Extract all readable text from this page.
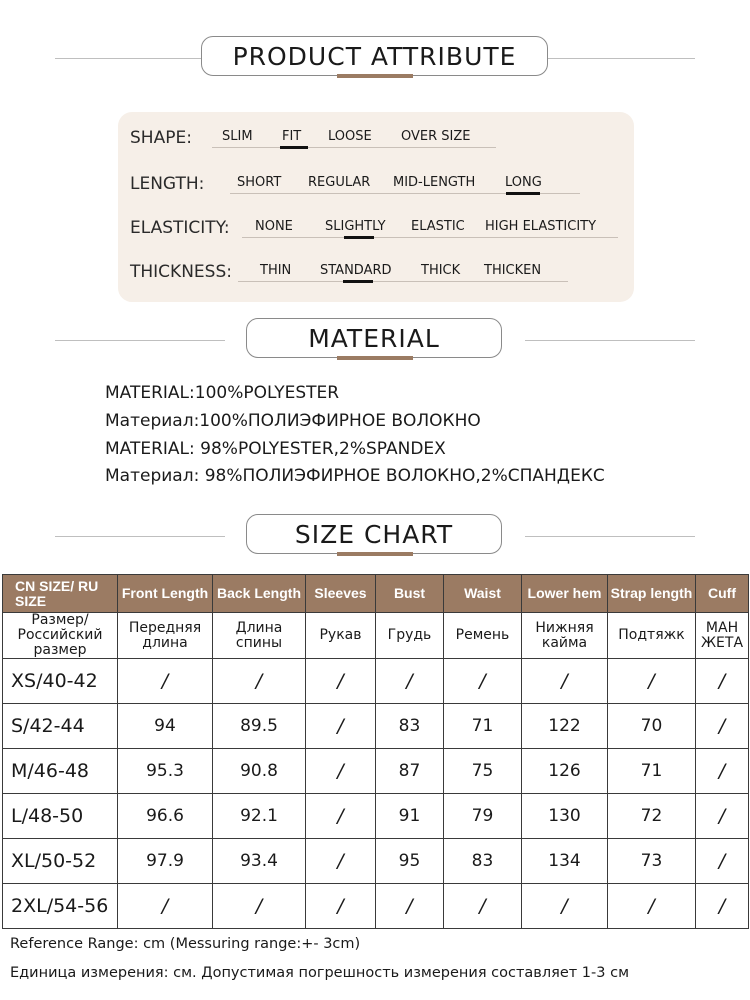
PRODUCT ATTRIBUTE
SHAPE: SLIM FIT LOOSE OVER SIZE
LENGTH:	SHORT REGULAR MID-LENGTH LONG
ELASTICITY: NONE SLIGHTLY ELASTIC HIGH ELASTICITY
THICKNESS: THIN STANDARD THICK THICKEN
MATERIAL
MATERIAL:100%POLYESTER
Материал:100%ПОЛИЭФИРНОЕ ВОЛОКНО
MATERIAL: 98%POLYESTER,2%SPANDEX
Материал: 98%ПОЛИЭФИРНОЕ ВОЛОКНО,2%СПАНДЕКС
SIZE CHART
CN SIZE/ RU SIZE	Front Length	Back Length	Sleeves	Bust	Waist	Lower hem	Strap length	Cuff
Размер/ Российский размер	Передняя длина	Длина спины	Рукав	Грудь	Ремень	Нижняя кайма	Подтяжк	МАН ЖЕТА
XS/40-42	/	/	/	/	/	/	/	/
S/42-44	94	89.5	/	83	71	122	70	/
M/46-48	95.3	90.8	/	87	75	126	71	/
L/48-50	96.6	92.1	/	91	79	130	72	/
XL/50-52	97.9	93.4	/	95	83	134	73	/
2XL/54-56	/	/	/	/	/	/	/	/
Reference Range: cm (Messuring range:+- 3cm)
Единица измерения: см. Допустимая погрешность измерения составляет 1-3 см
